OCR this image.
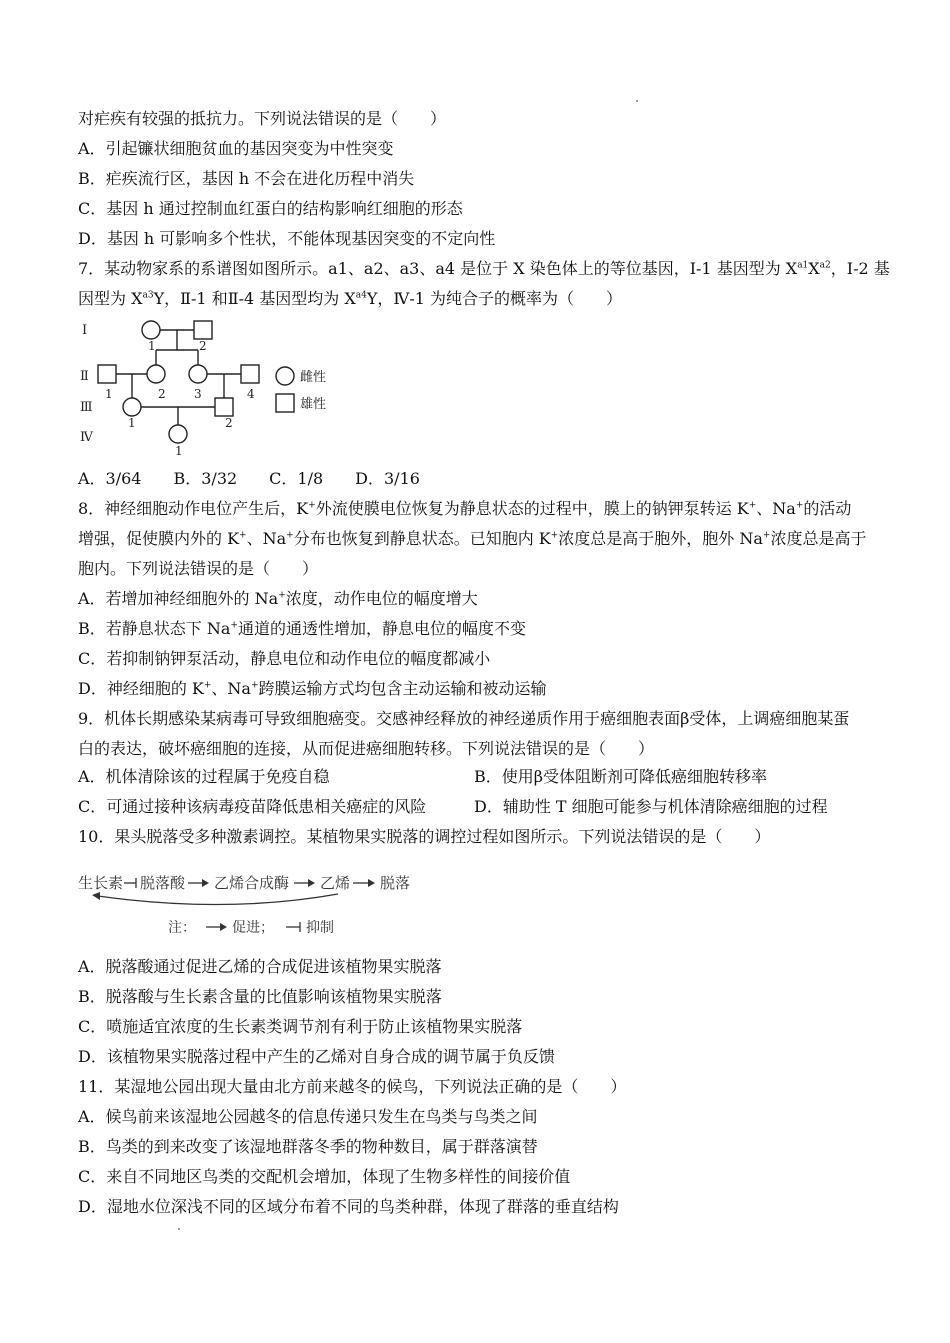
对疟疾有较强的抵抗力。下列说法错误的是（　　）
A．引起镰状细胞贫血的基因突变为中性突变
B．疟疾流行区，基因 h 不会在进化历程中消失
C．基因 h 通过控制血红蛋白的结构影响红细胞的形态
D．基因 h 可影响多个性状，不能体现基因突变的不定向性
7．某动物家系的系谱图如图所示。a1、a2、a3、a4 是位于 X 染色体上的等位基因，Ⅰ-1 基因型为 $X^{a1}X^{a2}$，Ⅰ-2 基
因型为 $X^{a3}Y$，Ⅱ-1 和Ⅱ-4 基因型均为 $X^{a4}Y$，Ⅳ-1 为纯合子的概率为（　　）
Ⅰ
Ⅱ
Ⅲ
Ⅳ
1	2
1	2 3	4
1	2
1
雌性
雄性
A．3/64　　B．3/32　　C．1/8　　D．3/16
8．神经细胞动作电位产生后，K+外流使膜电位恢复为静息状态的过程中，膜上的钠钾泵转运 K+、Na+的活动
增强，促使膜内外的 K+、Na+分布也恢复到静息状态。已知胞内 K+浓度总是高于胞外，胞外 Na+浓度总是高于
胞内。下列说法错误的是（　　）
A．若增加神经细胞外的 Na+浓度，动作电位的幅度增大
B．若静息状态下 Na+通道的通透性增加，静息电位的幅度不变
C．若抑制钠钾泵活动，静息电位和动作电位的幅度都减小
D．神经细胞的 K+、Na+跨膜运输方式均包含主动运输和被动运输
9．机体长期感染某病毒可导致细胞癌变。交感神经释放的神经递质作用于癌细胞表面β受体，上调癌细胞某蛋
白的表达，破坏癌细胞的连接，从而促进癌细胞转移。下列说法错误的是（　　）
A．机体清除该的过程属于免疫自稳	B．使用β受体阻断剂可降低癌细胞转移率
C．可通过接种该病毒疫苗降低患相关癌症的风险	D．辅助性 T 细胞可能参与机体清除癌细胞的过程
10．果头脱落受多种激素调控。某植物果实脱落的调控过程如图所示。下列说法错误的是（　　）
生长素 脱落酸 乙烯合成酶 乙烯 脱落
注：	促进； 抑制
A．脱落酸通过促进乙烯的合成促进该植物果实脱落
B．脱落酸与生长素含量的比值影响该植物果实脱落
C．喷施适宜浓度的生长素类调节剂有利于防止该植物果实脱落
D．该植物果实脱落过程中产生的乙烯对自身合成的调节属于负反馈
11．某湿地公园出现大量由北方前来越冬的候鸟，下列说法正确的是（　　）
A．候鸟前来该湿地公园越冬的信息传递只发生在鸟类与鸟类之间
B．鸟类的到来改变了该湿地群落冬季的物种数目，属于群落演替
C．来自不同地区鸟类的交配机会增加，体现了生物多样性的间接价值
D．湿地水位深浅不同的区域分布着不同的鸟类种群，体现了群落的垂直结构
